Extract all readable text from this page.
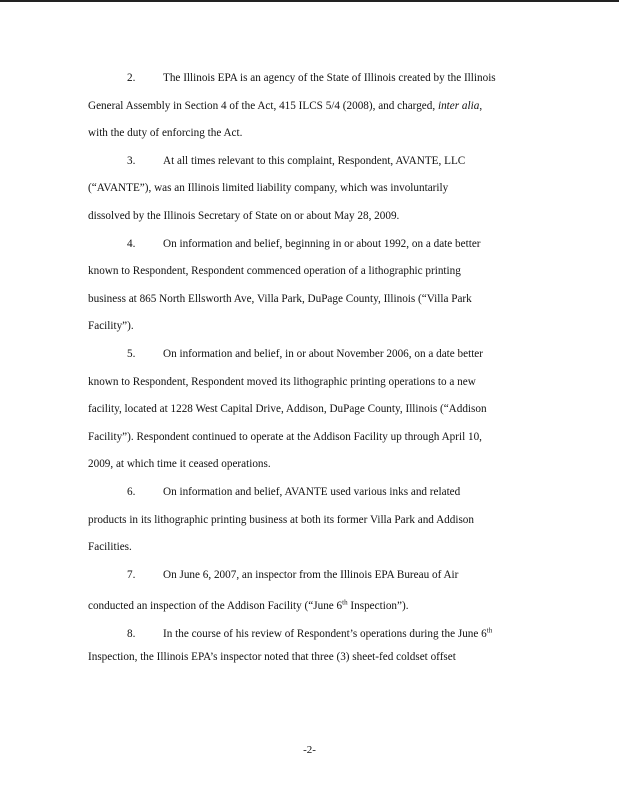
2. The Illinois EPA is an agency of the State of Illinois created by the Illinois
General Assembly in Section 4 of the Act, 415 ILCS 5/4 (2008), and charged, inter alia,
with the duty of enforcing the Act.
3. At all times relevant to this complaint, Respondent, AVANTE, LLC
(“AVANTE”), was an Illinois limited liability company, which was involuntarily
dissolved by the Illinois Secretary of State on or about May 28, 2009.
4. On information and belief, beginning in or about 1992, on a date better
known to Respondent, Respondent commenced operation of a lithographic printing
business at 865 North Ellsworth Ave, Villa Park, DuPage County, Illinois (“Villa Park
Facility”).
5. On information and belief, in or about November 2006, on a date better
known to Respondent, Respondent moved its lithographic printing operations to a new
facility, located at 1228 West Capital Drive, Addison, DuPage County, Illinois (“Addison
Facility”). Respondent continued to operate at the Addison Facility up through April 10,
2009, at which time it ceased operations.
6. On information and belief, AVANTE used various inks and related
products in its lithographic printing business at both its former Villa Park and Addison
Facilities.
7. On June 6, 2007, an inspector from the Illinois EPA Bureau of Air
conducted an inspection of the Addison Facility (“June 6th Inspection”).
8. In the course of his review of Respondent’s operations during the June 6th
Inspection, the Illinois EPA’s inspector noted that three (3) sheet-fed coldset offset
-2-
